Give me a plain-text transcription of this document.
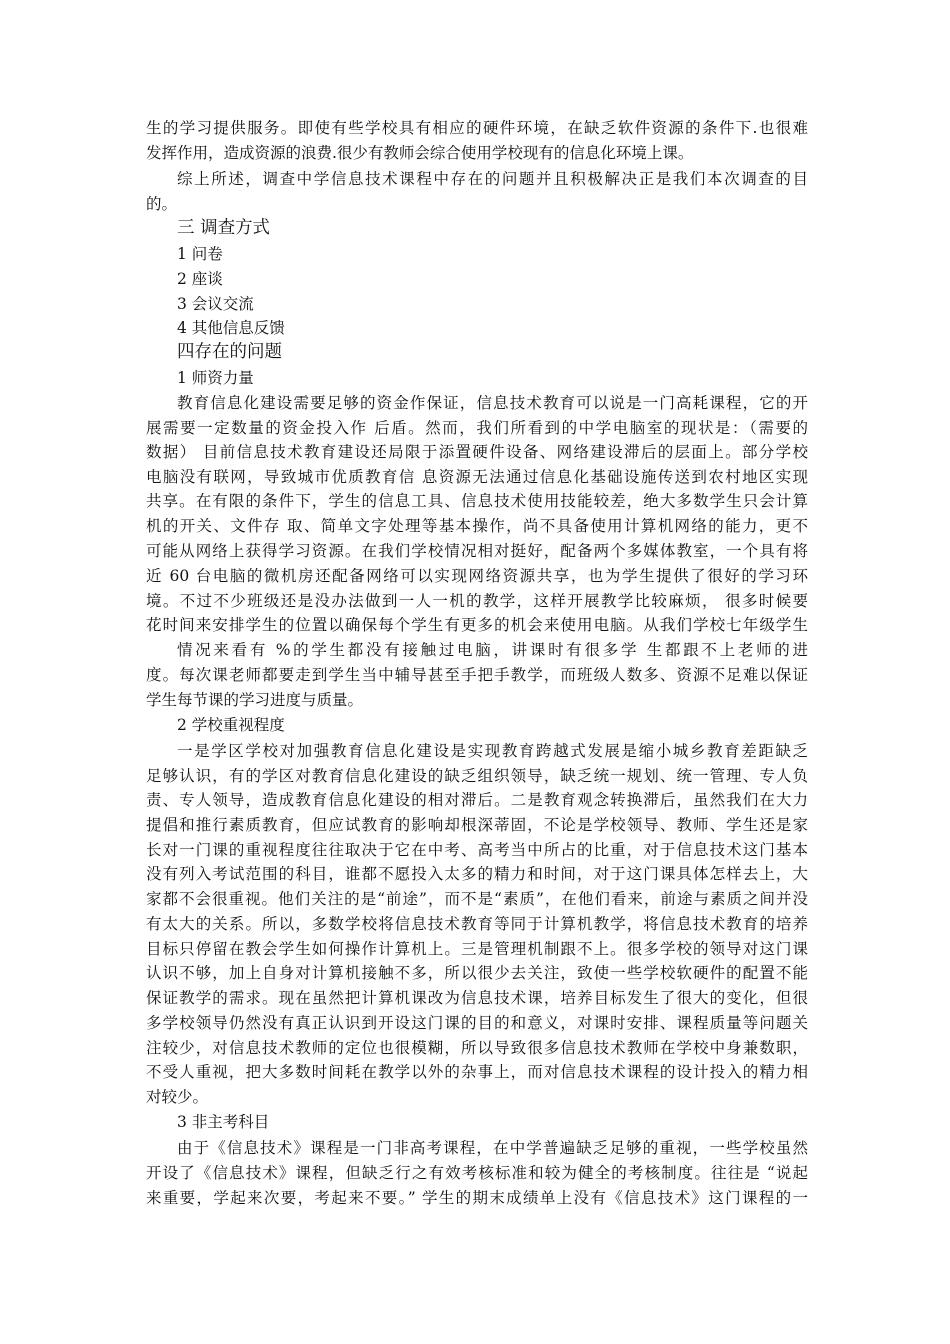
生的学习提供服务。即使有些学校具有相应的硬件环境，在缺乏软件资源的条件下.也很难
发挥作用，造成资源的浪费.很少有教师会综合使用学校现有的信息化环境上课。
综上所述，调查中学信息技术课程中存在的问题并且积极解决正是我们本次调查的目
的。
三 调查方式
1 问卷
2 座谈
3 会议交流
4 其他信息反馈
四存在的问题
1 师资力量
教育信息化建设需要足够的资金作保证，信息技术教育可以说是一门高耗课程，它的开
展需要一定数量的资金投入作 后盾。然而，我们所看到的中学电脑室的现状是：（需要的
数据） 目前信息技术教育建设还局限于添置硬件设备、网络建设滞后的层面上。部分学校
电脑没有联网，导致城市优质教育信 息资源无法通过信息化基础设施传送到农村地区实现
共享。在有限的条件下，学生的信息工具、信息技术使用技能较差，绝大多数学生只会计算
机的开关、文件存 取、简单文字处理等基本操作，尚不具备使用计算机网络的能力，更不
可能从网络上获得学习资源。在我们学校情况相对挺好，配备两个多媒体教室，一个具有将
近 60 台电脑的微机房还配备网络可以实现网络资源共享，也为学生提供了很好的学习环
境。不过不少班级还是没办法做到一人一机的教学，这样开展教学比较麻烦， 很多时候要
花时间来安排学生的位置以确保每个学生有更多的机会来使用电脑。从我们学校七年级学生
情况来看有 %的学生都没有接触过电脑，讲课时有很多学 生都跟不上老师的进
度。每次课老师都要走到学生当中辅导甚至手把手教学，而班级人数多、资源不足难以保证
学生每节课的学习进度与质量。
2 学校重视程度
一是学区学校对加强教育信息化建设是实现教育跨越式发展是缩小城乡教育差距缺乏
足够认识，有的学区对教育信息化建设的缺乏组织领导，缺乏统一规划、统一管理、专人负
责、专人领导，造成教育信息化建设的相对滞后。二是教育观念转换滞后，虽然我们在大力
提倡和推行素质教育，但应试教育的影响却根深蒂固，不论是学校领导、教师、学生还是家
长对一门课的重视程度往往取决于它在中考、高考当中所占的比重，对于信息技术这门基本
没有列入考试范围的科目，谁都不愿投入太多的精力和时间，对于这门课具体怎样去上，大
家都不会很重视。他们关注的是“前途”，而不是“素质”，在他们看来，前途与素质之间并没
有太大的关系。所以，多数学校将信息技术教育等同于计算机教学，将信息技术教育的培养
目标只停留在教会学生如何操作计算机上。三是管理机制跟不上。很多学校的领导对这门课
认识不够，加上自身对计算机接触不多，所以很少去关注，致使一些学校软硬件的配置不能
保证教学的需求。现在虽然把计算机课改为信息技术课，培养目标发生了很大的变化，但很
多学校领导仍然没有真正认识到开设这门课的目的和意义，对课时安排、课程质量等问题关
注较少，对信息技术教师的定位也很模糊，所以导致很多信息技术教师在学校中身兼数职，
不受人重视，把大多数时间耗在教学以外的杂事上，而对信息技术课程的设计投入的精力相
对较少。
3 非主考科目
由于《信息技术》课程是一门非高考课程，在中学普遍缺乏足够的重视，一些学校虽然
开设了《信息技术》课程，但缺乏行之有效考核标准和较为健全的考核制度。往往是 “说起
来重要，学起来次要，考起来不要。” 学生的期末成绩单上没有《信息技术》这门课程的一
